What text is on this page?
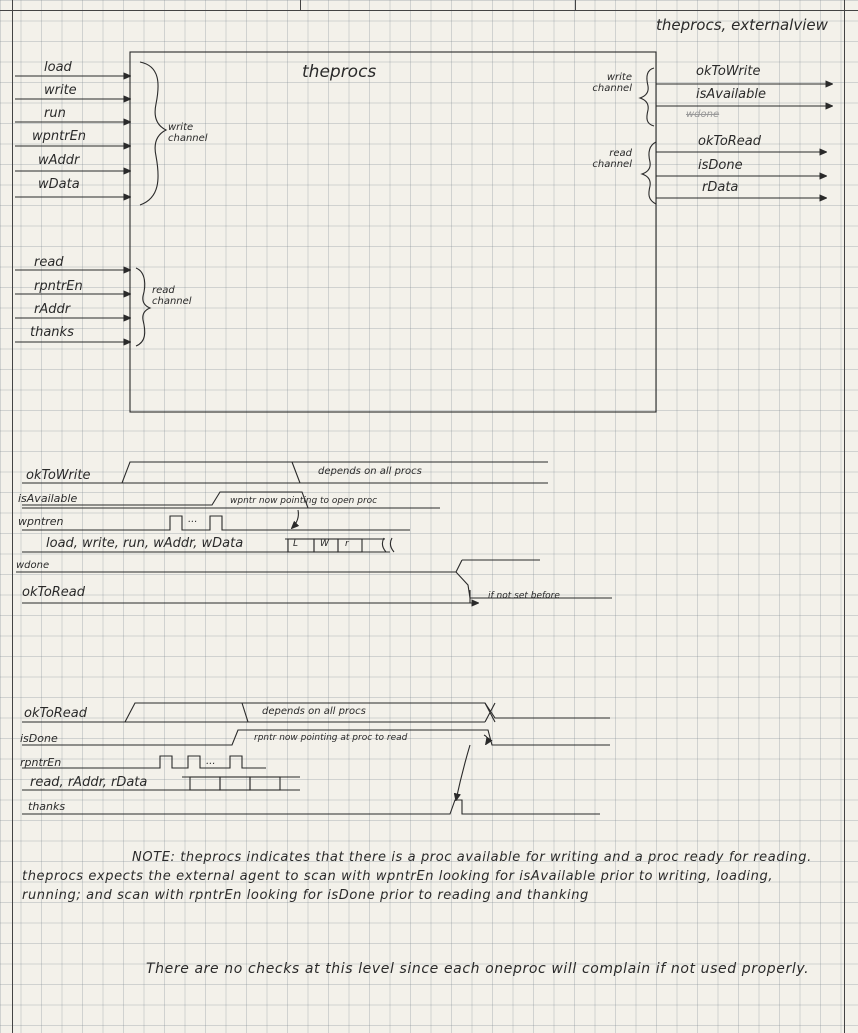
theprocs, externalview
theprocs
load
write
run
wpntrEn
wAddr
wData
write channel
read
rpntrEn
rAddr
thanks
read channel
write channel
okToWrite
isAvailable
wdone
read channel
okToRead
isDone
rData
okToWrite
isAvailable
wpntren
load, write, run, wAddr, wData
wdone
okToRead
depends on all procs
wpntr now pointing to open proc
if not set before
L W r
...
okToRead
isDone
rpntrEn
read, rAddr, rData
thanks
depends on all procs
rpntr now pointing at proc to read
...
NOTE: theprocs indicates that there is a proc available for writing and a proc ready for reading. theprocs expects the external agent to scan with wpntrEn looking for isAvailable prior to writing, loading, running; and scan with rpntrEn looking for isDone prior to reading and thanking
There are no checks at this level since each oneproc will complain if not used properly.
